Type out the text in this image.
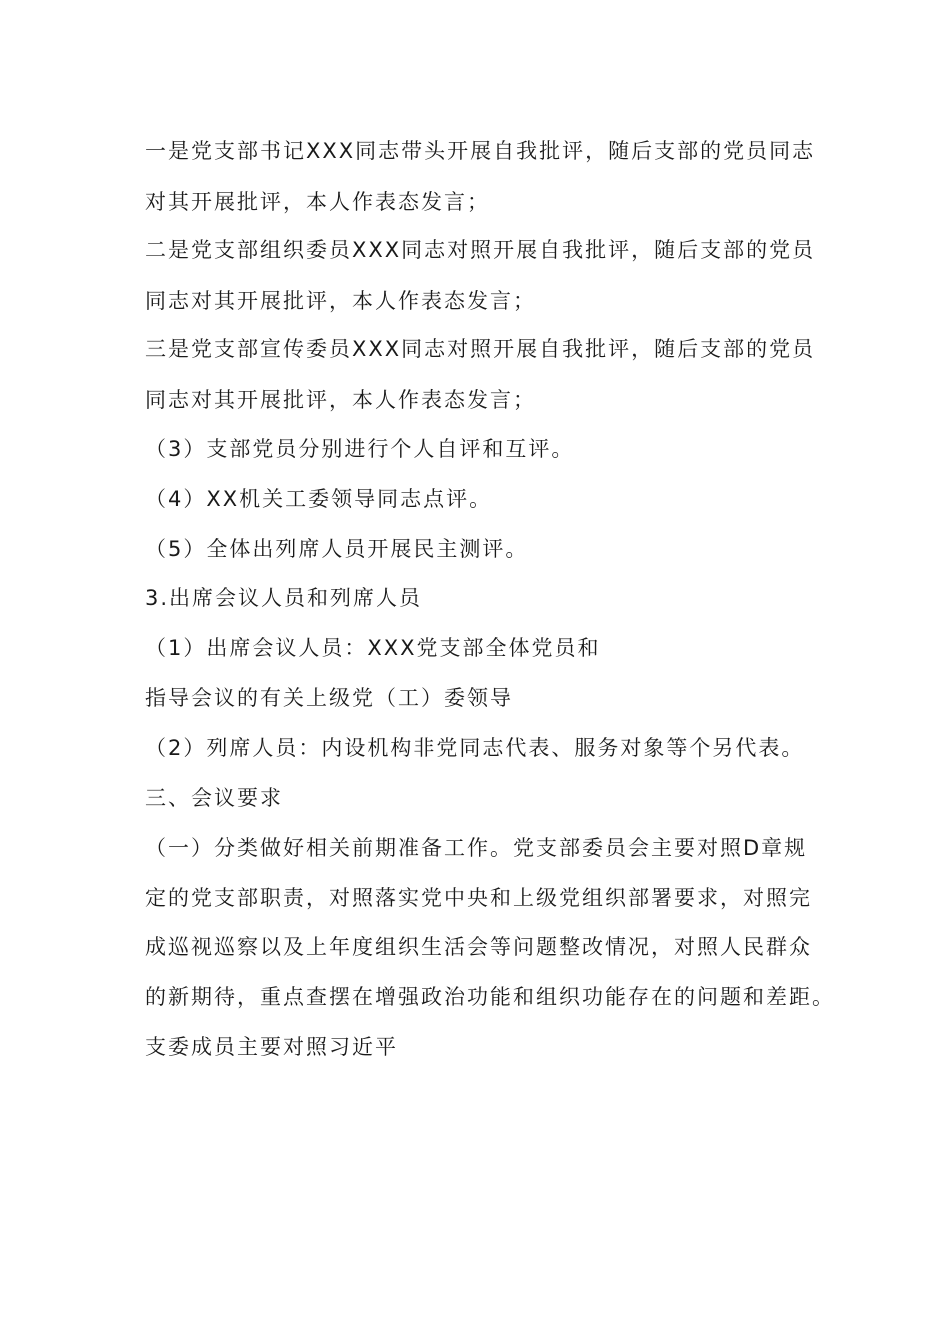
一是党支部书记XXX同志带头开展自我批评，随后支部的党员同志
对其开展批评，本人作表态发言；
二是党支部组织委员XXX同志对照开展自我批评，随后支部的党员
同志对其开展批评，本人作表态发言；
三是党支部宣传委员XXX同志对照开展自我批评，随后支部的党员
同志对其开展批评，本人作表态发言；
（3）支部党员分别进行个人自评和互评。
（4）XX机关工委领导同志点评。
（5）全体出列席人员开展民主测评。
3.出席会议人员和列席人员
（1）出席会议人员：XXX党支部全体党员和
指导会议的有关上级党（工）委领导
（2）列席人员：内设机构非党同志代表、服务对象等个另代表。
三、会议要求
（一）分类做好相关前期准备工作。党支部委员会主要对照D章规
定的党支部职责，对照落实党中央和上级党组织部署要求，对照完
成巡视巡察以及上年度组织生活会等问题整改情况，对照人民群众
的新期待，重点查摆在增强政治功能和组织功能存在的问题和差距。
支委成员主要对照习近平
